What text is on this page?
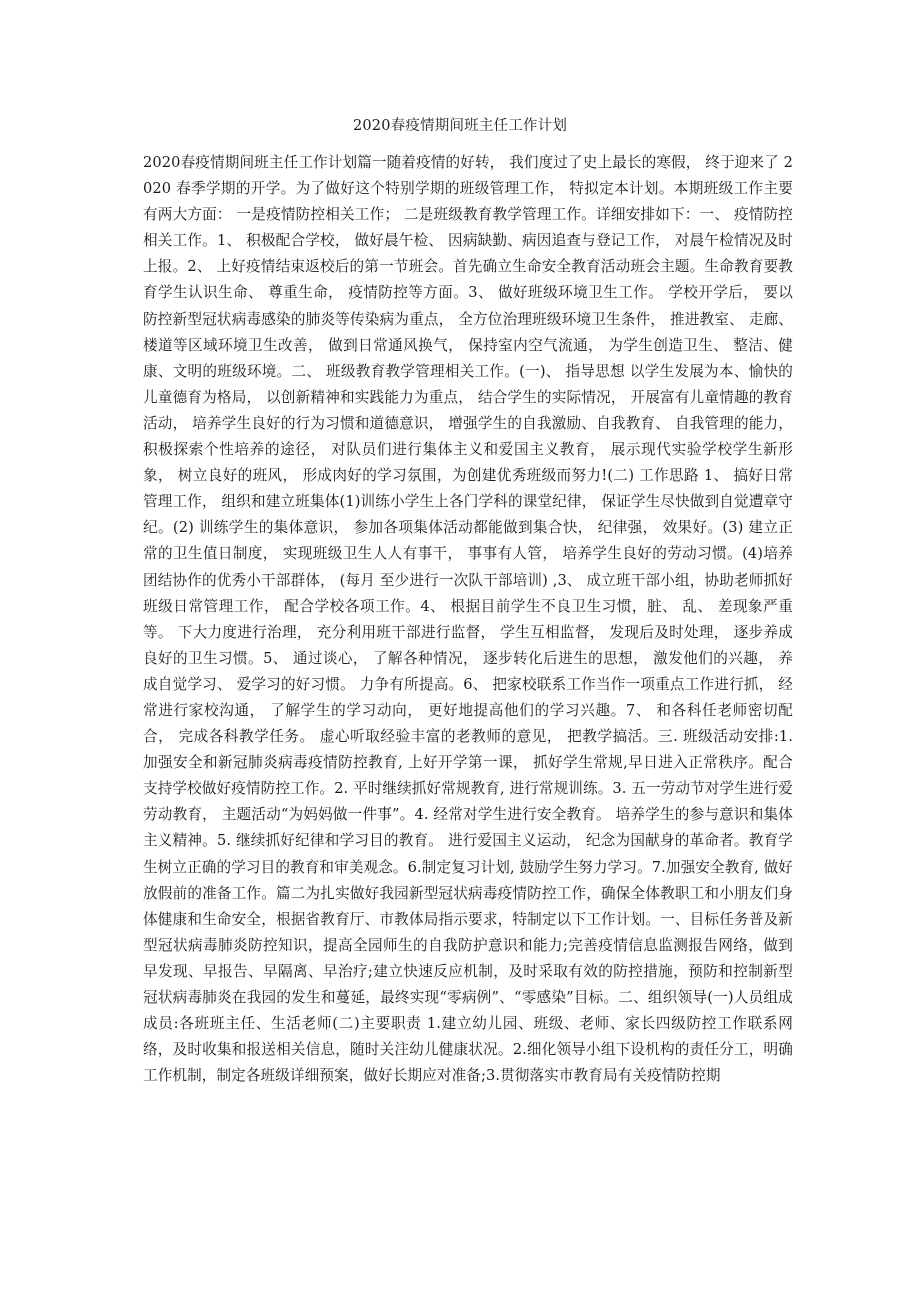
2020春疫情期间班主任工作计划
2020春疫情期间班主任工作计划篇一随着疫情的好转， 我们度过了史上最长的寒假， 终于迎来了 2020 春季学期的开学。为了做好这个特别学期的班级管理工作， 特拟定本计划。本期班级工作主要有两大方面： 一是疫情防控相关工作； 二是班级教育教学管理工作。详细安排如下：一、 疫情防控相关工作。1、 积极配合学校， 做好晨午检、 因病缺勤、病因追查与登记工作， 对晨午检情况及时上报。2、 上好疫情结束返校后的第一节班会。首先确立生命安全教育活动班会主题。生命教育要教育学生认识生命、 尊重生命， 疫情防控等方面。3、 做好班级环境卫生工作。 学校开学后， 要以防控新型冠状病毒感染的肺炎等传染病为重点， 全方位治理班级环境卫生条件， 推进教室、 走廊、 楼道等区域环境卫生改善， 做到日常通风换气， 保持室内空气流通， 为学生创造卫生、 整洁、健康、文明的班级环境。二、 班级教育教学管理相关工作。(一)、 指导思想 以学生发展为本、愉快的儿童德育为格局， 以创新精神和实践能力为重点， 结合学生的实际情况， 开展富有儿童情趣的教育活动， 培养学生良好的行为习惯和道德意识， 增强学生的自我激励、自我教育、 自我管理的能力， 积极探索个性培养的途径， 对队员们进行集体主义和爱国主义教育， 展示现代实验学校学生新形象， 树立良好的班风， 形成肉好的学习氛围，为创建优秀班级而努力!(二) 工作思路 1、 搞好日常管理工作， 组织和建立班集体(1)训练小学生上各门学科的课堂纪律， 保证学生尽快做到自觉遭章守纪。(2) 训练学生的集体意识， 参加各项集体活动都能做到集合快， 纪律强， 效果好。(3) 建立正常的卫生值日制度， 实现班级卫生人人有事干， 事事有人管， 培养学生良好的劳动习惯。(4)培养团结协作的优秀小干部群体， (每月 至少进行一次队干部培训) ,3、 成立班干部小组，协助老师抓好班级日常管理工作， 配合学校各项工作。4、 根据目前学生不良卫生习惯，脏、 乱、 差现象严重等。 下大力度进行治理， 充分利用班干部进行监督， 学生互相监督， 发现后及时处理， 逐步养成良好的卫生习惯。5、 通过谈心， 了解各种情况， 逐步转化后进生的思想， 激发他们的兴趣， 养成自觉学习、 爱学习的好习惯。 力争有所提高。6、 把家校联系工作当作一项重点工作进行抓， 经常进行家校沟通， 了解学生的学习动向， 更好地提高他们的学习兴趣。7、 和各科任老师密切配合， 完成各科教学任务。 虚心听取经验丰富的老教师的意见， 把教学搞活。三. 班级活动安排:1. 加强安全和新冠肺炎病毒疫情防控教育, 上好开学第一课， 抓好学生常规,早日进入正常秩序。配合支持学校做好疫情防控工作。2. 平时继续抓好常规教育, 进行常规训练。3. 五一劳动节对学生进行爱劳动教育， 主题活动“为妈妈做一件事”。4. 经常对学生进行安全教育。 培养学生的参与意识和集体主义精神。5. 继续抓好纪律和学习目的教育。 进行爱国主义运动， 纪念为国献身的革命者。教育学生树立正确的学习目的教育和审美观念。6.制定复习计划, 鼓励学生努力学习。7.加强安全教育, 做好放假前的准备工作。篇二为扎实做好我园新型冠状病毒疫情防控工作，确保全体教职工和小朋友们身体健康和生命安全，根据省教育厅、市教体局指示要求，特制定以下工作计划。一、目标任务普及新型冠状病毒肺炎防控知识，提高全园师生的自我防护意识和能力;完善疫情信息监测报告网络，做到早发现、早报告、早隔离、早治疗;建立快速反应机制，及时采取有效的防控措施，预防和控制新型冠状病毒肺炎在我园的发生和蔓延，最终实现“零病例”、“零感染”目标。二、组织领导(一)人员组成成员:各班班主任、生活老师(二)主要职责 1.建立幼儿园、班级、老师、家长四级防控工作联系网络，及时收集和报送相关信息，随时关注幼儿健康状况。2.细化领导小组下设机构的责任分工，明确工作机制，制定各班级详细预案，做好长期应对准备;3.贯彻落实市教育局有关疫情防控期
